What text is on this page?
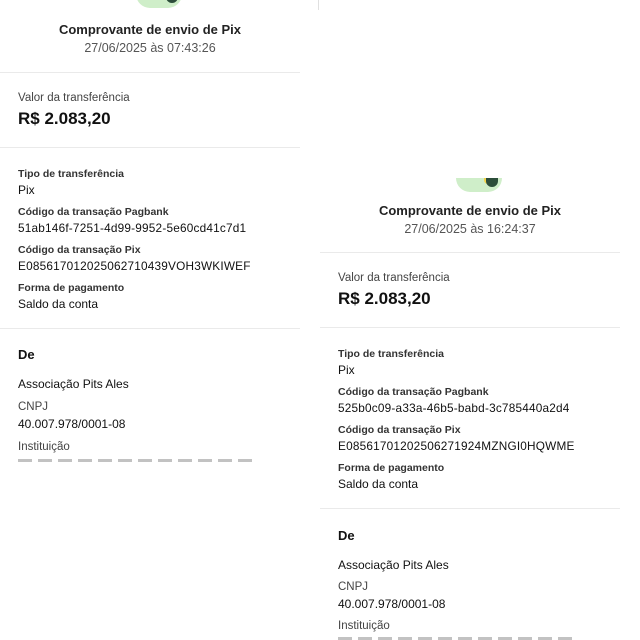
Comprovante de envio de Pix
27/06/2025 às 07:43:26
Valor da transferência
R$ 2.083,20
Tipo de transferência
Pix
Código da transação Pagbank
51ab146f-7251-4d99-9952-5e60cd41c7d1
Código da transação Pix
E08561701202506271043​9VOH3WKIWEF
Forma de pagamento
Saldo da conta
De
Associação Pits Ales
CNPJ
40.007.978/0001-08
Instituição
Comprovante de envio de Pix
27/06/2025 às 16:24:37
Valor da transferência
R$ 2.083,20
Tipo de transferência
Pix
Código da transação Pagbank
525b0c09-a33a-46b5-babd-3c785440a2d4
Código da transação Pix
E08561701202506271924MZNGI0HQWME
Forma de pagamento
Saldo da conta
De
Associação Pits Ales
CNPJ
40.007.978/0001-08
Instituição
